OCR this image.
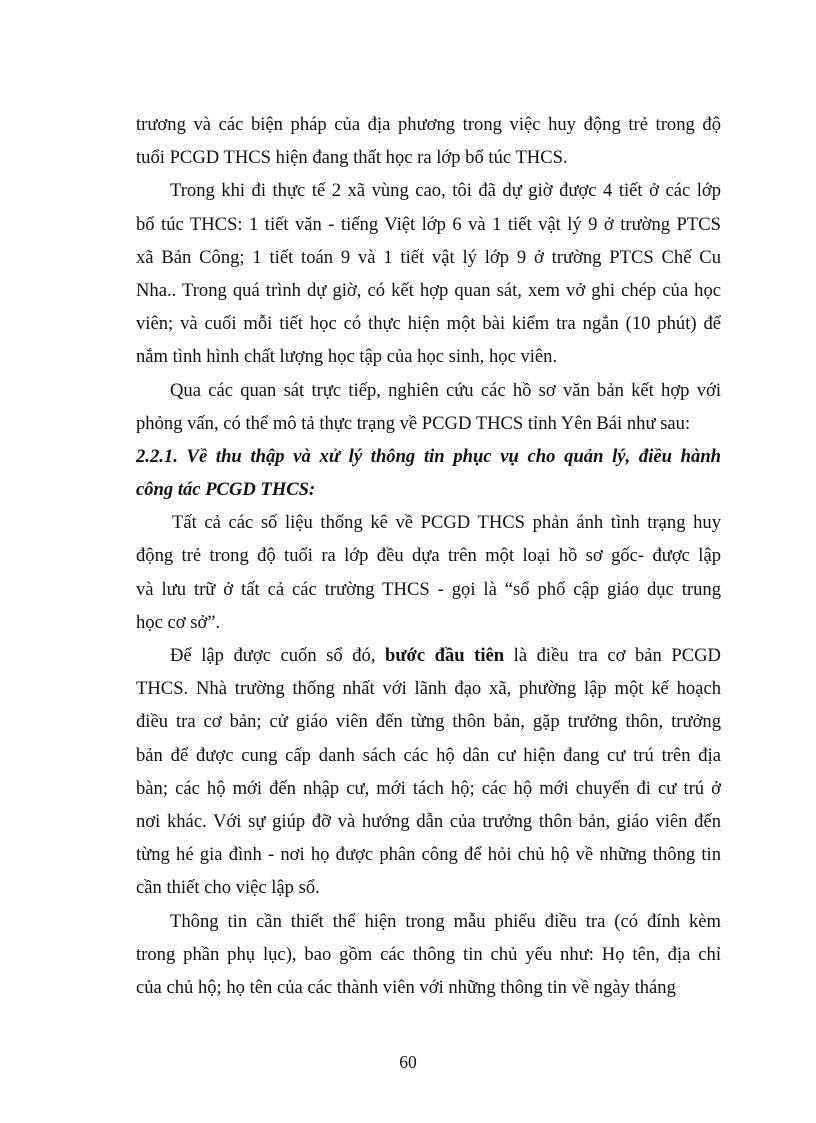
trương và các biện pháp của địa phương trong việc huy động trẻ trong độ
tuổi PCGD THCS hiện đang thất học ra lớp bổ túc THCS.
Trong khi đi thực tế 2 xã vùng cao, tôi đã dự giờ được 4 tiết ở các lớp
bổ túc THCS: 1 tiết văn - tiếng Việt lớp 6 và 1 tiết vật lý 9 ở trường PTCS
xã Bản Công; 1 tiết toán 9 và 1 tiết vật lý lớp 9 ở trường PTCS Chế Cu
Nha.. Trong quá trình dự giờ, có kết hợp quan sát, xem vở ghi chép của học
viên; và cuối mỗi tiết học có thực hiện một bài kiểm tra ngắn (10 phút) để
nắm tình hình chất lượng học tập của học sinh, học viên.
Qua các quan sát trực tiếp, nghiên cứu các hồ sơ văn bản kết hợp với
phỏng vấn, có thể mô tả thực trạng về PCGD THCS tỉnh Yên Bái như sau:
2.2.1. Về thu thập và xử lý thông tin phục vụ cho quản lý, điều hành
công tác PCGD THCS:
Tất cả các số liệu thống kê về PCGD THCS phản ánh tình trạng huy
động trẻ trong độ tuổi ra lớp đều dựa trên một loại hồ sơ gốc- được lập
và lưu trữ ở tất cả các trường THCS - gọi là “sổ phổ cập giáo dục trung
học cơ sở”.
Để lập được cuốn sổ đó, bước đầu tiên là điều tra cơ bản PCGD
THCS. Nhà trường thống nhất với lãnh đạo xã, phường lập một kế hoạch
điều tra cơ bản; cử giáo viên đến từng thôn bản, gặp trưởng thôn, trưởng
bản để được cung cấp danh sách các hộ dân cư hiện đang cư trú trên địa
bàn; các hộ mới đến nhập cư, mới tách hộ; các hộ mới chuyển đi cư trú ở
nơi khác. Với sự giúp đỡ và hướng dẫn của trưởng thôn bản, giáo viên đến
từng hé gia đình - nơi họ được phân công để hỏi chủ hộ về những thông tin
cần thiết cho việc lập sổ.
Thông tin cần thiết thể hiện trong mẫu phiếu điều tra (có đính kèm
trong phần phụ lục), bao gồm các thông tin chủ yếu như: Họ tên, địa chỉ
của chủ hộ; họ tên của các thành viên với những thông tin về ngày tháng
60
